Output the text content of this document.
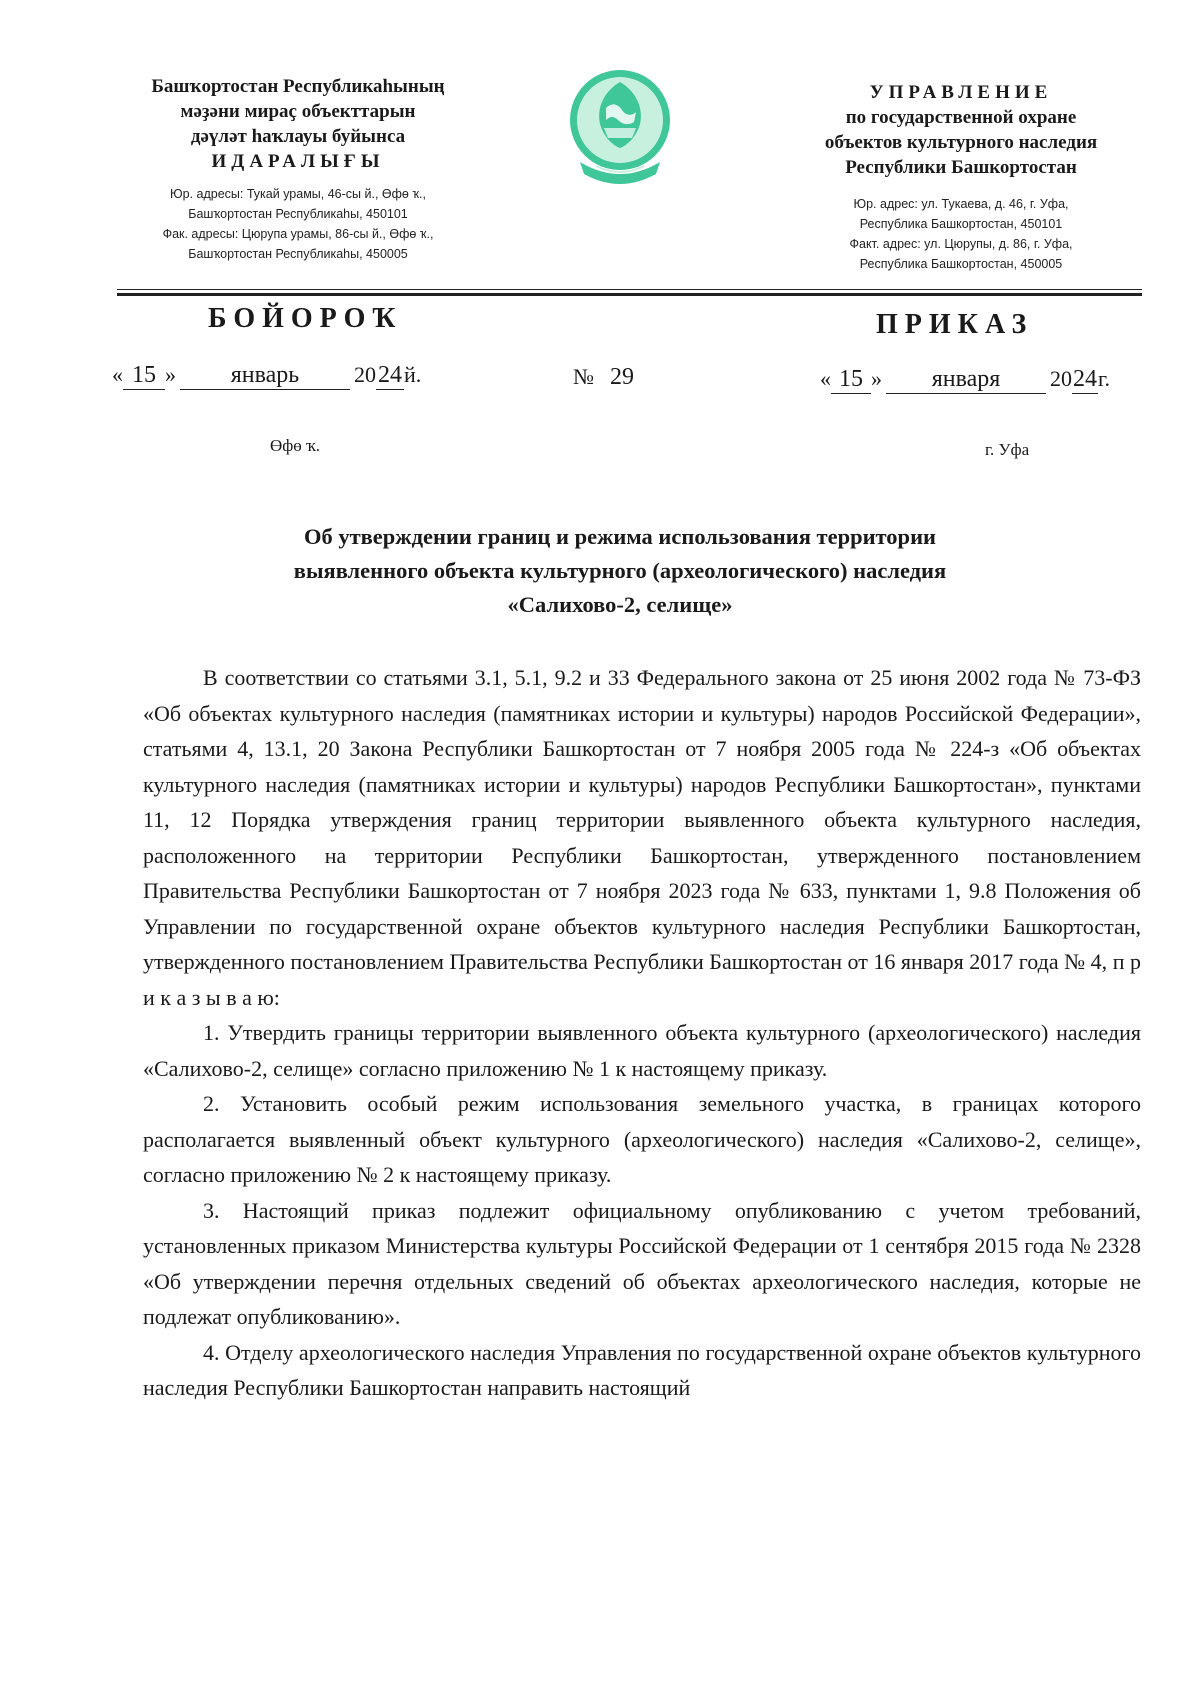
Башҡортостан Республикаһының
мәҙәни мираҫ объекттарын
дәүләт һаҡлауы буйынса
ИДАРАЛЫҒЫ
Юр. адресы: Тукай урамы, 46-сы й., Өфө ҡ.,
Башҡортостан Республикаһы, 450101
Фак. адресы: Цюрупа урамы, 86-сы й., Өфө ҡ.,
Башҡортостан Республикаһы, 450005
УПРАВЛЕНИЕ
по государственной охране
объектов культурного наследия
Республики Башкортостан
Юр. адрес: ул. Тукаева, д. 46, г. Уфа,
Республика Башкортостан, 450101
Факт. адрес: ул. Цюрупы, д. 86, г. Уфа,
Республика Башкортостан, 450005
БОЙОРОҠ	ПРИКАЗ
« 15 » январь 2024й.	№ 29	« 15 » января 2024г.
Өфө ҡ.	г. Уфа
Об утверждении границ и режима использования территории
выявленного объекта культурного (археологического) наследия
«Салихово-2, селище»

В соответствии со статьями 3.1, 5.1, 9.2 и 33 Федерального закона от 25 июня 2002 года № 73-ФЗ «Об объектах культурного наследия (памятниках истории и культуры) народов Российской Федерации», статьями 4, 13.1, 20 Закона Республики Башкортостан от 7 ноября 2005 года № 224-з «Об объектах культурного наследия (памятниках истории и культуры) народов Республики Башкортостан», пунктами 11, 12 Порядка утверждения границ территории выявленного объекта культурного наследия, расположенного на территории Республики Башкортостан, утвержденного постановлением Правительства Республики Башкортостан от 7 ноября 2023 года № 633, пунктами 1, 9.8 Положения об Управлении по государственной охране объектов культурного наследия Республики Башкортостан, утвержденного постановлением Правительства Республики Башкортостан от 16 января 2017 года № 4, п р и к а з ы в а ю:

1. Утвердить границы территории выявленного объекта культурного (археологического) наследия «Салихово-2, селище» согласно приложению № 1 к настоящему приказу.

2. Установить особый режим использования земельного участка, в границах которого располагается выявленный объект культурного (археологического) наследия «Салихово-2, селище», согласно приложению № 2 к настоящему приказу.

3. Настоящий приказ подлежит официальному опубликованию с учетом требований, установленных приказом Министерства культуры Российской Федерации от 1 сентября 2015 года № 2328 «Об утверждении перечня отдельных сведений об объектах археологического наследия, которые не подлежат опубликованию».

4. Отделу археологического наследия Управления по государственной охране объектов культурного наследия Республики Башкортостан направить настоящий
